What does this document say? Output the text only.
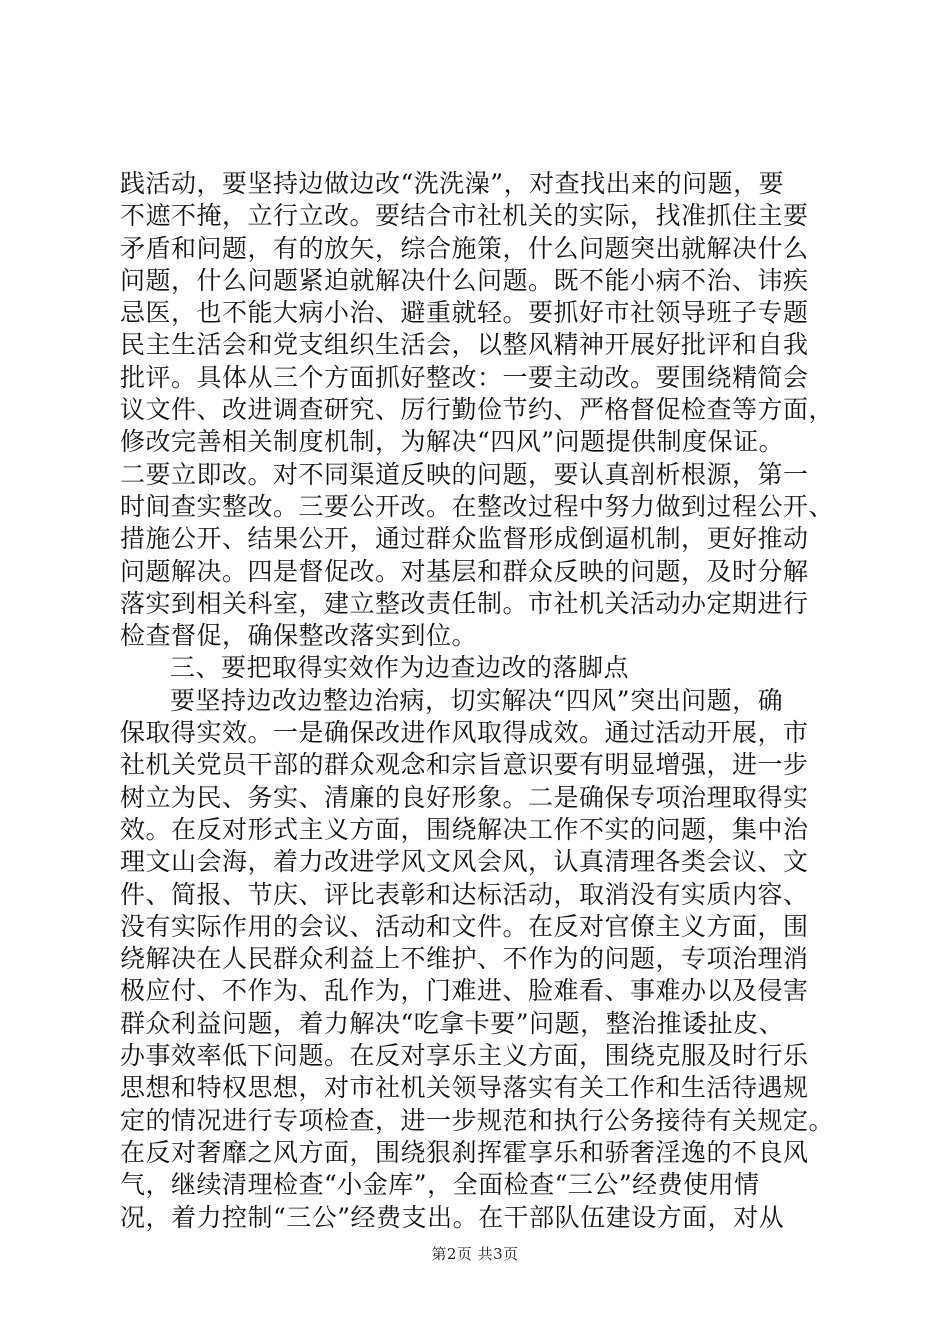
践活动，要坚持边做边改“洗洗澡”，对查找出来的问题，要
不遮不掩，立行立改。要结合市社机关的实际，找准抓住主要
矛盾和问题，有的放矢，综合施策，什么问题突出就解决什么
问题，什么问题紧迫就解决什么问题。既不能小病不治、讳疾
忌医，也不能大病小治、避重就轻。要抓好市社领导班子专题
民主生活会和党支组织生活会，以整风精神开展好批评和自我
批评。具体从三个方面抓好整改：一要主动改。要围绕精简会
议文件、改进调查研究、厉行勤俭节约、严格督促检查等方面，
修改完善相关制度机制，为解决“四风”问题提供制度保证。
二要立即改。对不同渠道反映的问题，要认真剖析根源，第一
时间查实整改。三要公开改。在整改过程中努力做到过程公开、
措施公开、结果公开，通过群众监督形成倒逼机制，更好推动
问题解决。四是督促改。对基层和群众反映的问题，及时分解
落实到相关科室，建立整改责任制。市社机关活动办定期进行
检查督促，确保整改落实到位。
三、要把取得实效作为边查边改的落脚点
要坚持边改边整边治病，切实解决“四风”突出问题，确
保取得实效。一是确保改进作风取得成效。通过活动开展，市
社机关党员干部的群众观念和宗旨意识要有明显增强，进一步
树立为民、务实、清廉的良好形象。二是确保专项治理取得实
效。在反对形式主义方面，围绕解决工作不实的问题，集中治
理文山会海，着力改进学风文风会风，认真清理各类会议、文
件、简报、节庆、评比表彰和达标活动，取消没有实质内容、
没有实际作用的会议、活动和文件。在反对官僚主义方面，围
绕解决在人民群众利益上不维护、不作为的问题，专项治理消
极应付、不作为、乱作为，门难进、脸难看、事难办以及侵害
群众利益问题，着力解决“吃拿卡要”问题，整治推诿扯皮、
办事效率低下问题。在反对享乐主义方面，围绕克服及时行乐
思想和特权思想，对市社机关领导落实有关工作和生活待遇规
定的情况进行专项检查，进一步规范和执行公务接待有关规定。
在反对奢靡之风方面，围绕狠刹挥霍享乐和骄奢淫逸的不良风
气，继续清理检查“小金库”，全面检查“三公”经费使用情
况，着力控制“三公”经费支出。在干部队伍建设方面，对从
第2页 共3页
